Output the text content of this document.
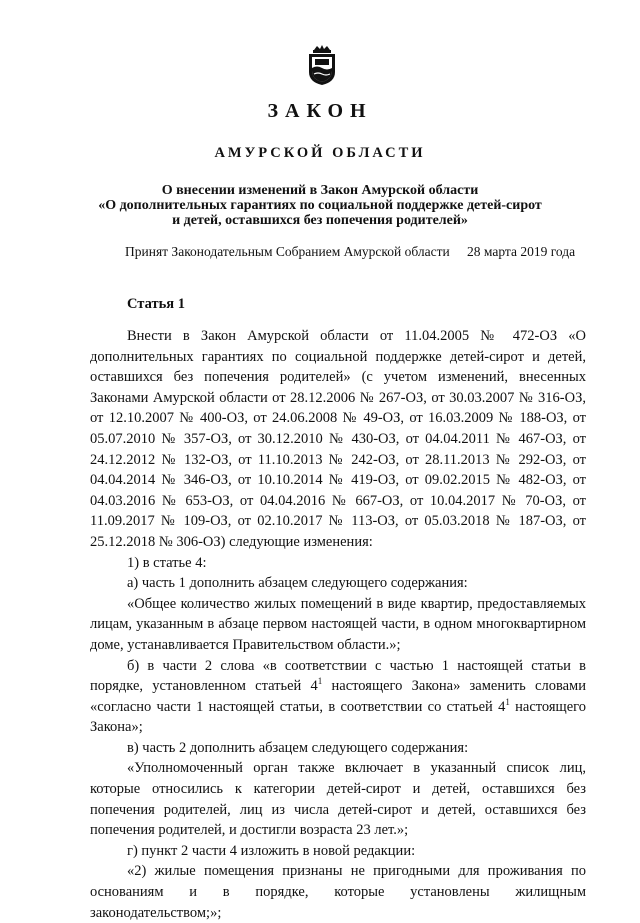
ЗАКОН
АМУРСКОЙ ОБЛАСТИ
О внесении изменений в Закон Амурской области
«О дополнительных гарантиях по социальной поддержке детей-сирот
и детей, оставшихся без попечения родителей»
Принят Законодательным Собранием Амурской области 28 марта 2019 года
Статья 1

Внести в Закон Амурской области от 11.04.2005 № 472-ОЗ «О дополнительных гарантиях по социальной поддержке детей-сирот и детей, оставшихся без попечения родителей» (с учетом изменений, внесенных Законами Амурской области от 28.12.2006 № 267-ОЗ, от 30.03.2007 № 316-ОЗ, от 12.10.2007 № 400-ОЗ, от 24.06.2008 № 49-ОЗ, от 16.03.2009 № 188-ОЗ, от 05.07.2010 № 357-ОЗ, от 30.12.2010 № 430-ОЗ, от 04.04.2011 № 467-ОЗ, от 24.12.2012 № 132-ОЗ, от 11.10.2013 № 242-ОЗ, от 28.11.2013 № 292-ОЗ, от 04.04.2014 № 346-ОЗ, от 10.10.2014 № 419-ОЗ, от 09.02.2015 № 482-ОЗ, от 04.03.2016 № 653-ОЗ, от 04.04.2016 № 667-ОЗ, от 10.04.2017 № 70-ОЗ, от 11.09.2017 № 109-ОЗ, от 02.10.2017 № 113-ОЗ, от 05.03.2018 № 187-ОЗ, от 25.12.2018 № 306-ОЗ) следующие изменения:

1) в статье 4:

а) часть 1 дополнить абзацем следующего содержания:

«Общее количество жилых помещений в виде квартир, предоставляемых лицам, указанным в абзаце первом настоящей части, в одном многоквартирном доме, устанавливается Правительством области.»;

б) в части 2 слова «в соответствии с частью 1 настоящей статьи в порядке, установленном статьей $4^1$ настоящего Закона» заменить словами «согласно части 1 настоящей статьи, в соответствии со статьей $4^1$ настоящего Закона»;

в) часть 2 дополнить абзацем следующего содержания:

«Уполномоченный орган также включает в указанный список лиц, которые относились к категории детей-сирот и детей, оставшихся без попечения родителей, лиц из числа детей-сирот и детей, оставшихся без попечения родителей, и достигли возраста 23 лет.»;

г) пункт 2 части 4 изложить в новой редакции:

«2) жилые помещения признаны не пригодными для проживания по основаниям и в порядке, которые установлены жилищным законодательством;»;
